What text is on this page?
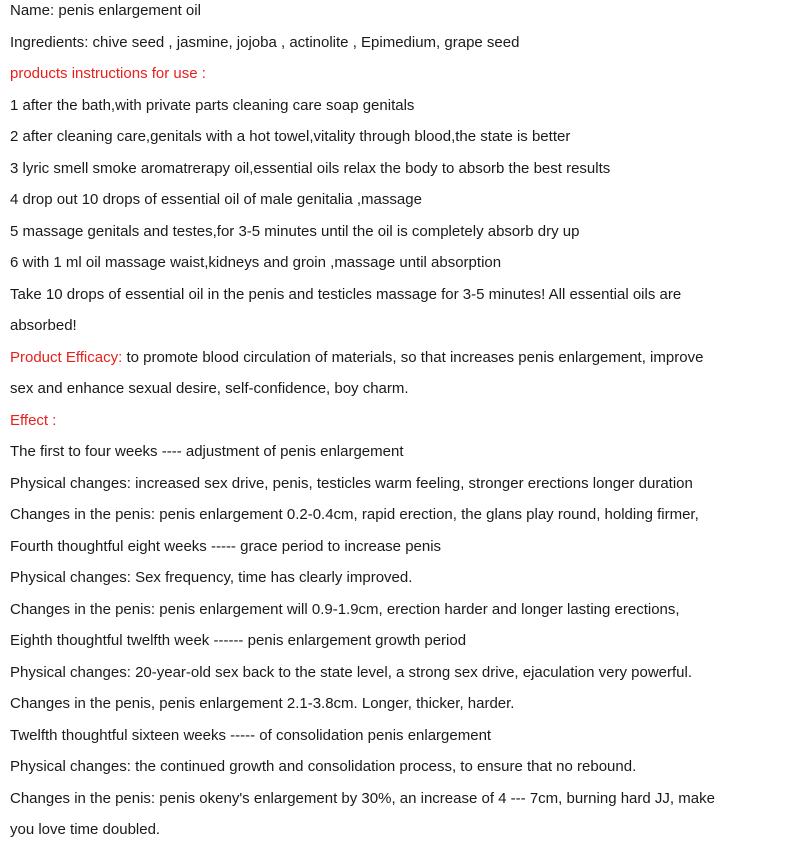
Name: penis enlargement oil
Ingredients: chive seed , jasmine, jojoba , actinolite , Epimedium, grape seed
products instructions for use :
1 after the bath,with private parts cleaning care soap genitals
2 after cleaning care,genitals with a hot towel,vitality through blood,the state is better
3 lyric smell smoke aromatrerapy oil,essential oils relax the body to absorb the best results
4 drop out 10 drops of essential oil of male genitalia ,massage
5 massage genitals and testes,for 3-5 minutes until the oil is completely absorb dry up
6 with 1 ml oil massage waist,kidneys and groin ,massage until absorption
Take 10 drops of essential oil in the penis and testicles massage for 3-5 minutes! All essential oils are
absorbed!
Product Efficacy: to promote blood circulation of materials, so that increases penis enlargement, improve
sex and enhance sexual desire, self-confidence, boy charm.
Effect :
The first to four weeks ---- adjustment of penis enlargement
Physical changes: increased sex drive, penis, testicles warm feeling, stronger erections longer duration
Changes in the penis: penis enlargement 0.2-0.4cm, rapid erection, the glans play round, holding firmer,
Fourth thoughtful eight weeks ----- grace period to increase penis
Physical changes: Sex frequency, time has clearly improved.
Changes in the penis: penis enlargement will 0.9-1.9cm, erection harder and longer lasting erections,
Eighth thoughtful twelfth week ------ penis enlargement growth period
Physical changes: 20-year-old sex back to the state level, a strong sex drive, ejaculation very powerful.
Changes in the penis, penis enlargement 2.1-3.8cm. Longer, thicker, harder.
Twelfth thoughtful sixteen weeks ----- of consolidation penis enlargement
Physical changes: the continued growth and consolidation process, to ensure that no rebound.
Changes in the penis: penis okeny's enlargement by 30%, an increase of 4 --- 7cm, burning hard JJ, make
you love time doubled.
